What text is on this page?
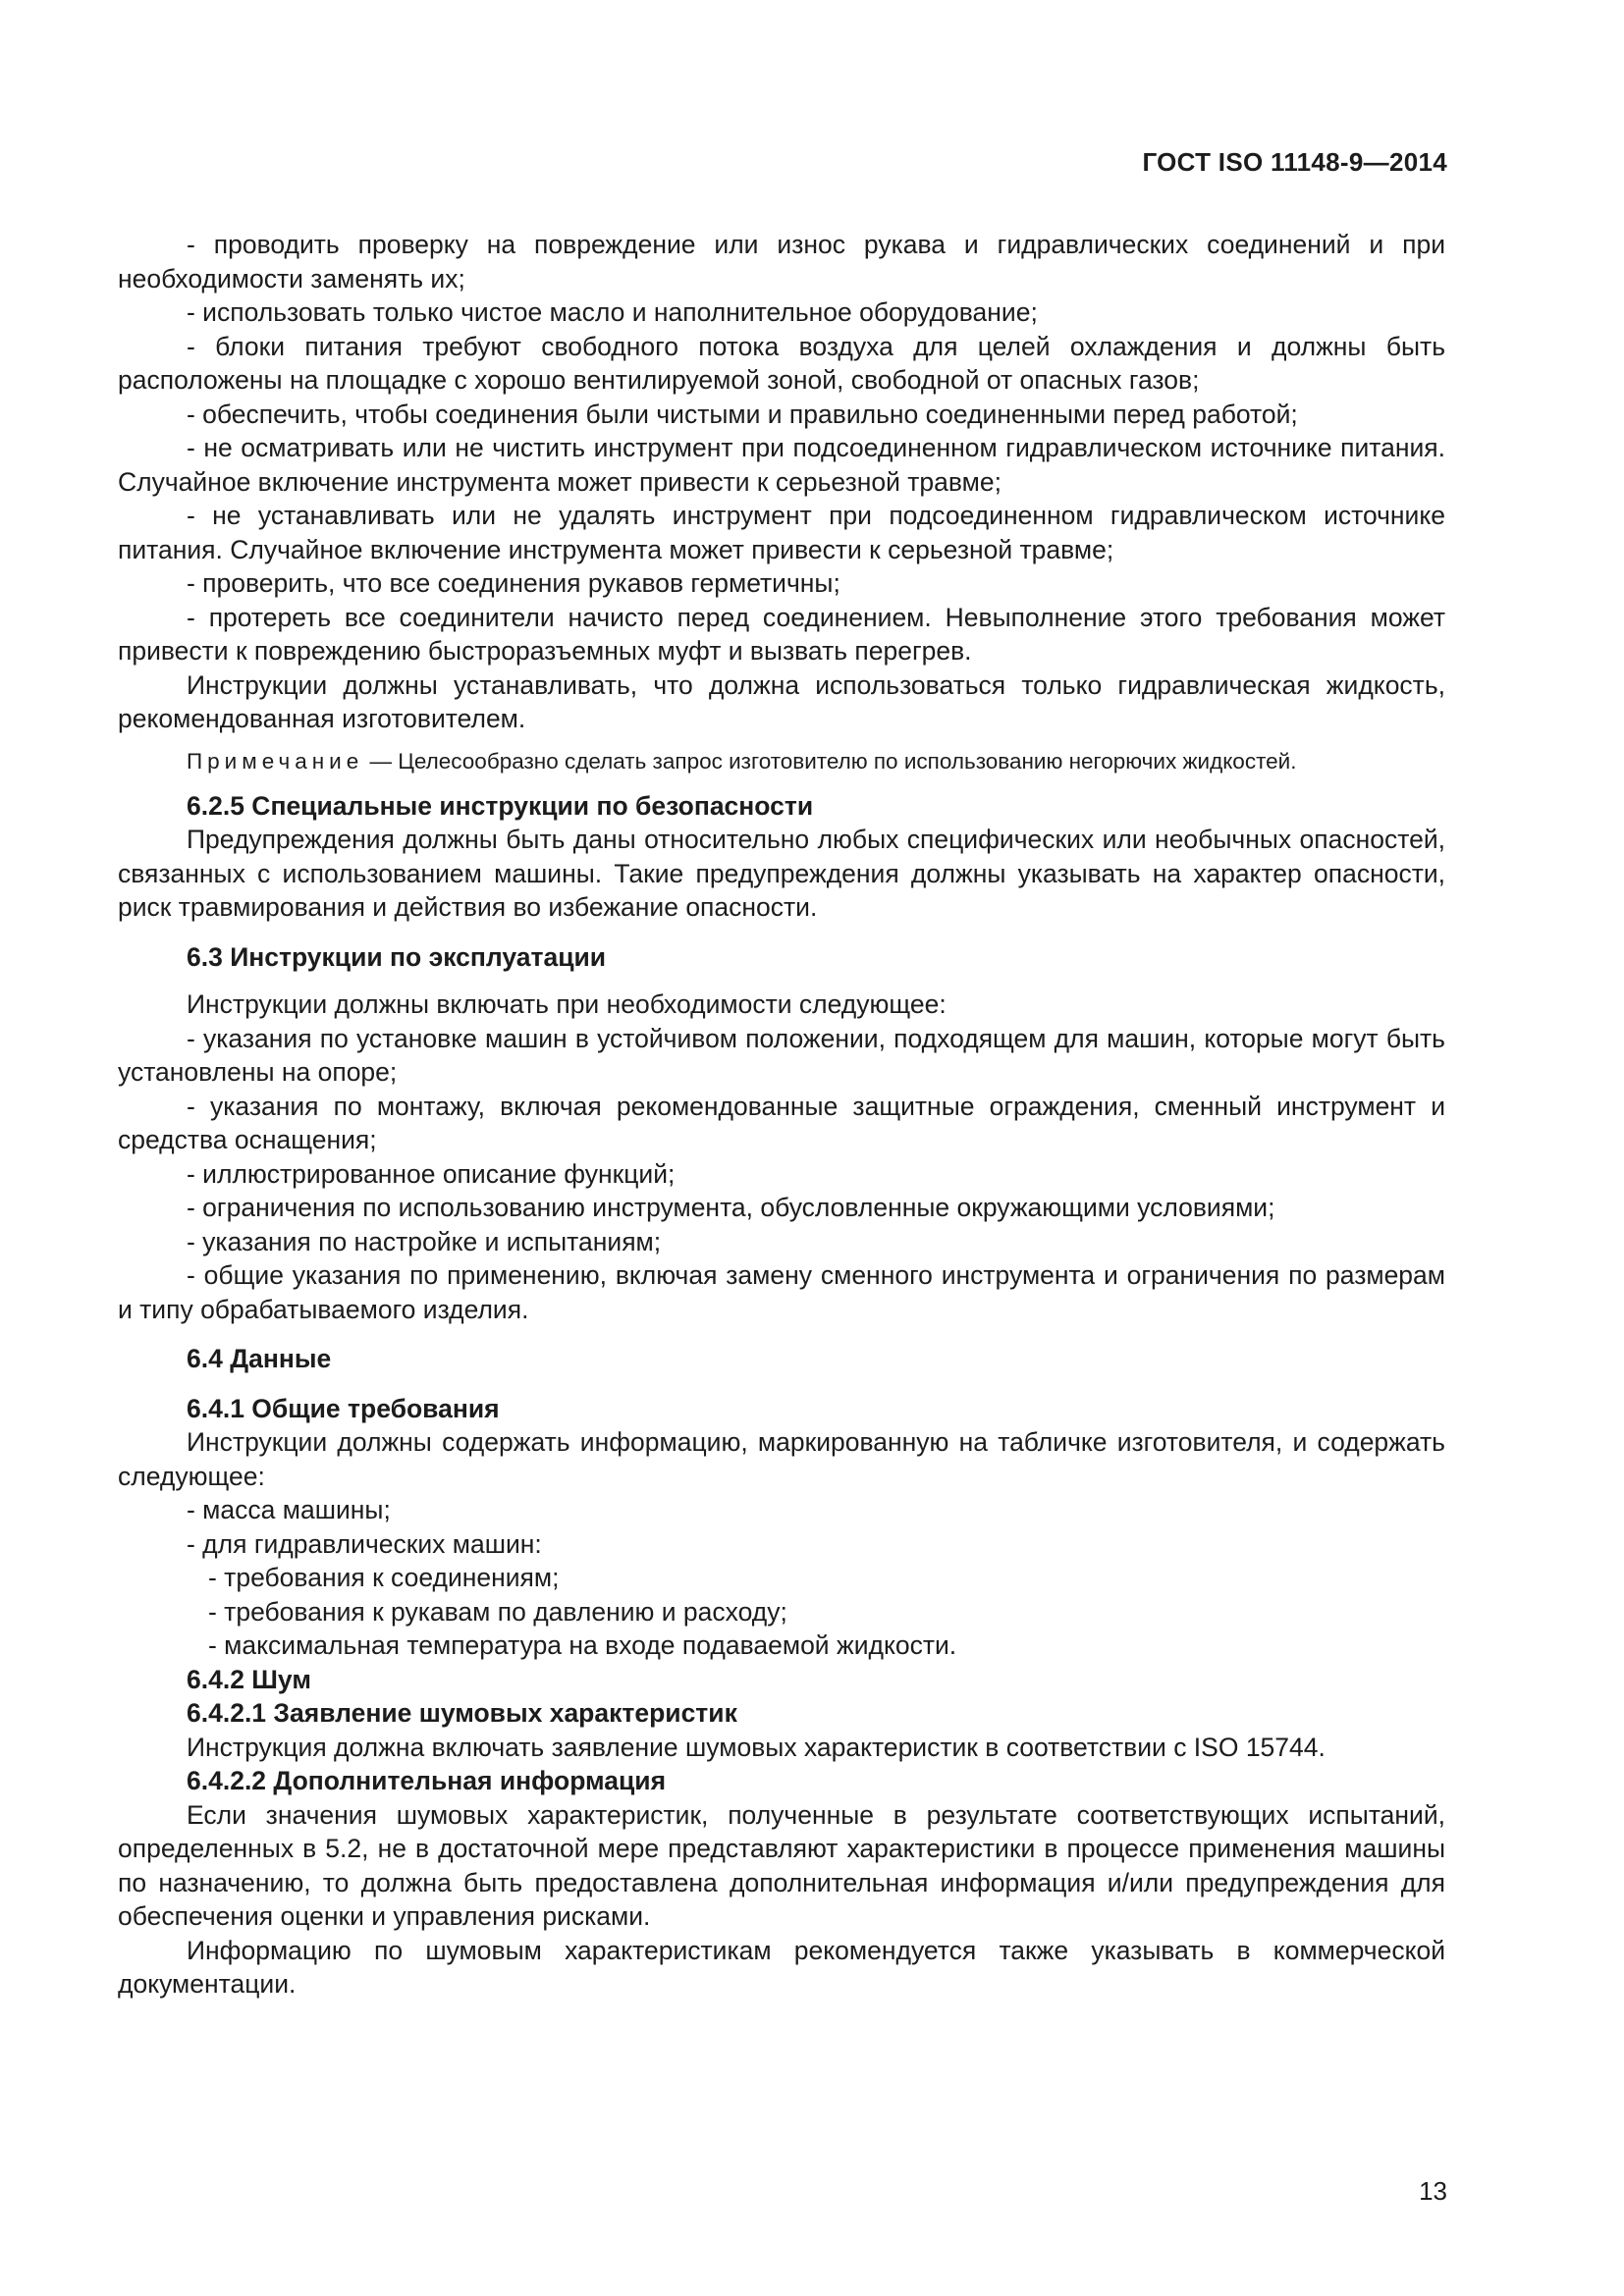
ГОСТ ISO 11148-9—2014

- проводить проверку на повреждение или износ рукава и гидравлических соединений и при необходимости заменять их;

- использовать только чистое масло и наполнительное оборудование;

- блоки питания требуют свободного потока воздуха для целей охлаждения и должны быть расположены на площадке с хорошо вентилируемой зоной, свободной от опасных газов;

- обеспечить, чтобы соединения были чистыми и правильно соединенными перед работой;

- не осматривать или не чистить инструмент при подсоединенном гидравлическом источнике питания. Случайное включение инструмента может привести к серьезной травме;

- не устанавливать или не удалять инструмент при подсоединенном гидравлическом источнике питания. Случайное включение инструмента может привести к серьезной травме;

- проверить, что все соединения рукавов герметичны;

- протереть все соединители начисто перед соединением. Невыполнение этого требования может привести к повреждению быстроразъемных муфт и вызвать перегрев.

Инструкции должны устанавливать, что должна использоваться только гидравлическая жидкость, рекомендованная изготовителем.

Примечание — Целесообразно сделать запрос изготовителю по использованию негорючих жидкостей.

6.2.5 Специальные инструкции по безопасности

Предупреждения должны быть даны относительно любых специфических или необычных опасностей, связанных с использованием машины. Такие предупреждения должны указывать на характер опасности, риск травмирования и действия во избежание опасности.

6.3 Инструкции по эксплуатации

Инструкции должны включать при необходимости следующее:

- указания по установке машин в устойчивом положении, подходящем для машин, которые могут быть установлены на опоре;

- указания по монтажу, включая рекомендованные защитные ограждения, сменный инструмент и средства оснащения;

- иллюстрированное описание функций;

- ограничения по использованию инструмента, обусловленные окружающими условиями;

- указания по настройке и испытаниям;

- общие указания по применению, включая замену сменного инструмента и ограничения по размерам и типу обрабатываемого изделия.

6.4 Данные
6.4.1 Общие требования

Инструкции должны содержать информацию, маркированную на табличке изготовителя, и содержать следующее:

- масса машины;

- для гидравлических машин:

- требования к соединениям;

- требования к рукавам по давлению и расходу;

- максимальная температура на входе подаваемой жидкости.

6.4.2 Шум
6.4.2.1 Заявление шумовых характеристик

Инструкция должна включать заявление шумовых характеристик в соответствии с ISO 15744.

6.4.2.2 Дополнительная информация

Если значения шумовых характеристик, полученные в результате соответствующих испытаний, определенных в 5.2, не в достаточной мере представляют характеристики в процессе применения машины по назначению, то должна быть предоставлена дополнительная информация и/или предупреждения для обеспечения оценки и управления рисками.

Информацию по шумовым характеристикам рекомендуется также указывать в коммерческой документации.

13
